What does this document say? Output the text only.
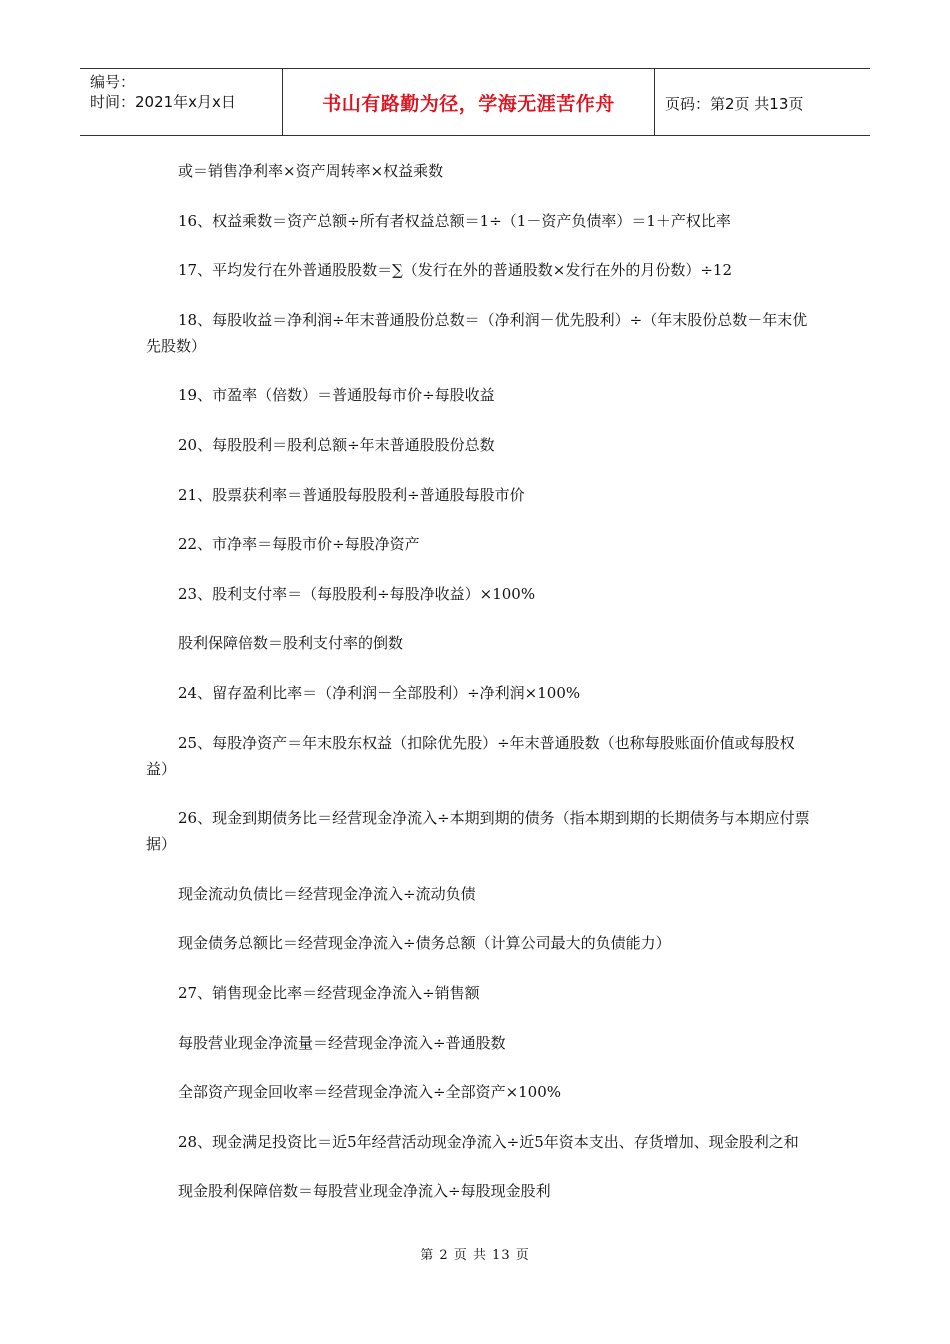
编号：
时间：2021年x月x日	书山有路勤为径，学海无涯苦作舟	页码：第2页 共13页

或＝销售净利率×资产周转率×权益乘数

16、权益乘数＝资产总额÷所有者权益总额＝1÷（1－资产负债率）＝1＋产权比率

17、平均发行在外普通股股数＝∑（发行在外的普通股数×发行在外的月份数）÷12

18、每股收益＝净利润÷年末普通股份总数＝（净利润－优先股利）÷（年末股份总数－年末优先股数）

19、市盈率（倍数）＝普通股每市价÷每股收益

20、每股股利＝股利总额÷年末普通股股份总数

21、股票获利率＝普通股每股股利÷普通股每股市价

22、市净率＝每股市价÷每股净资产

23、股利支付率＝（每股股利÷每股净收益）×100%

股利保障倍数＝股利支付率的倒数

24、留存盈利比率＝（净利润－全部股利）÷净利润×100%

25、每股净资产＝年末股东权益（扣除优先股）÷年末普通股数（也称每股账面价值或每股权益）

26、现金到期债务比＝经营现金净流入÷本期到期的债务（指本期到期的长期债务与本期应付票据）

现金流动负债比＝经营现金净流入÷流动负债

现金债务总额比＝经营现金净流入÷债务总额（计算公司最大的负债能力）

27、销售现金比率＝经营现金净流入÷销售额

每股营业现金净流量＝经营现金净流入÷普通股数

全部资产现金回收率＝经营现金净流入÷全部资产×100%

28、现金满足投资比＝近5年经营活动现金净流入÷近5年资本支出、存货增加、现金股利之和

现金股利保障倍数＝每股营业现金净流入÷每股现金股利

第 2 页 共 13 页
